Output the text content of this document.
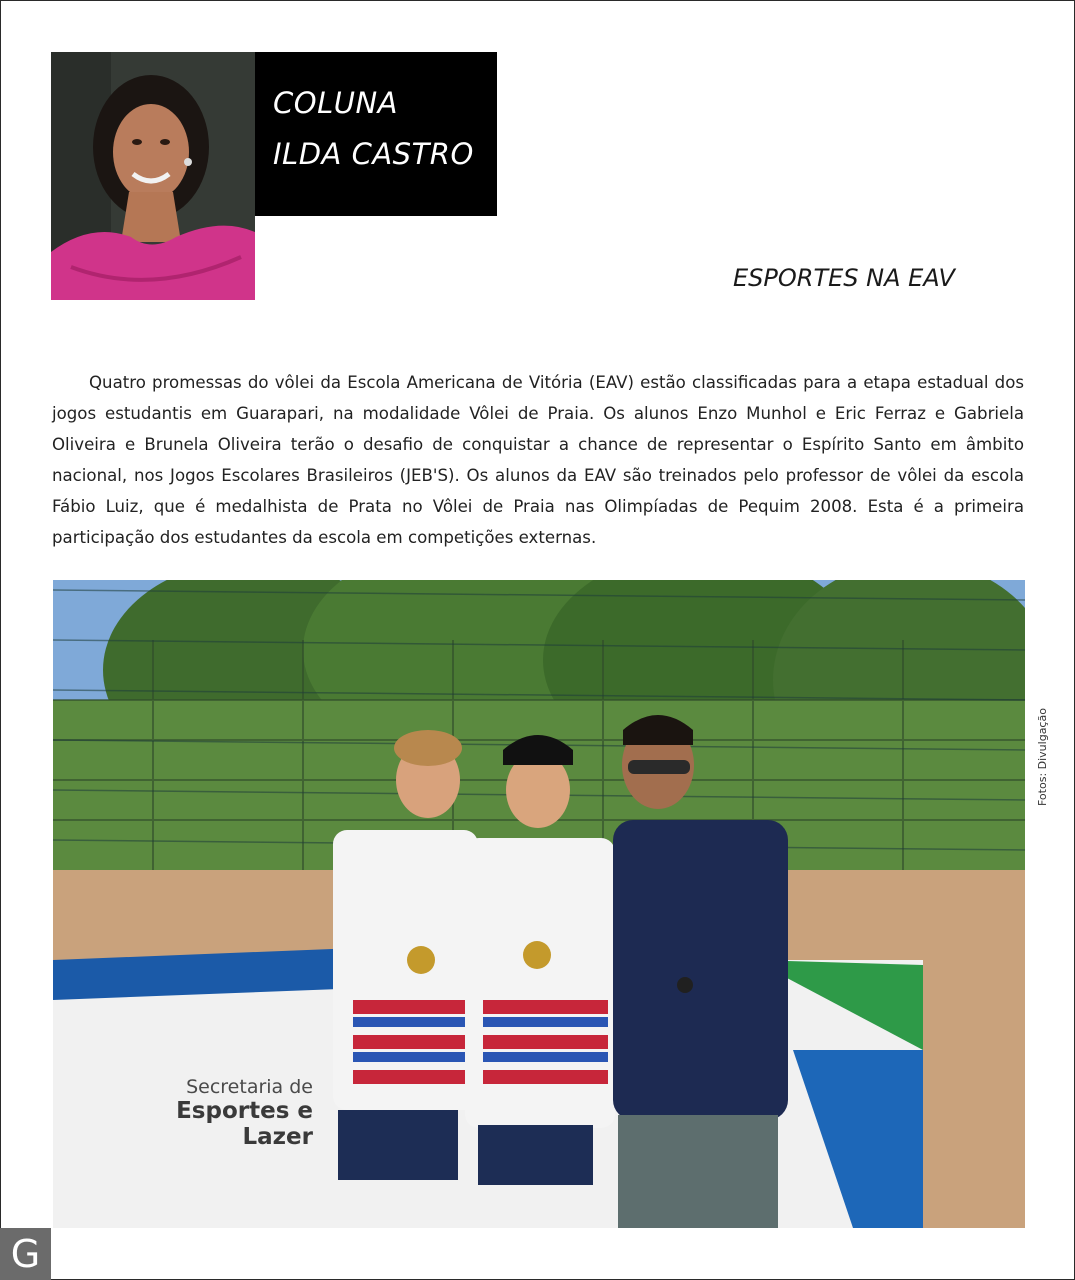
COLUNA
ILDA CASTRO
ESPORTES NA EAV
Quatro promessas do vôlei da Escola Americana de Vitória (EAV) estão classificadas para a etapa estadual dos jogos estudantis em Guarapari, na modalidade Vôlei de Praia. Os alunos Enzo Munhol e Eric Ferraz e Gabriela Oliveira e Brunela Oliveira terão o desafio de conquistar a chance de representar o Espírito Santo em âmbito nacional, nos Jogos Escolares Brasileiros (JEB'S). Os alunos da EAV são treinados pelo professor de vôlei da escola Fábio Luiz, que é medalhista de Prata no Vôlei de Praia nas Olimpíadas de Pequim 2008. Esta é a primeira participação dos estudantes da escola em competições externas.
Secretaria de
Esportes e
Lazer
Fotos: Divulgação
G
